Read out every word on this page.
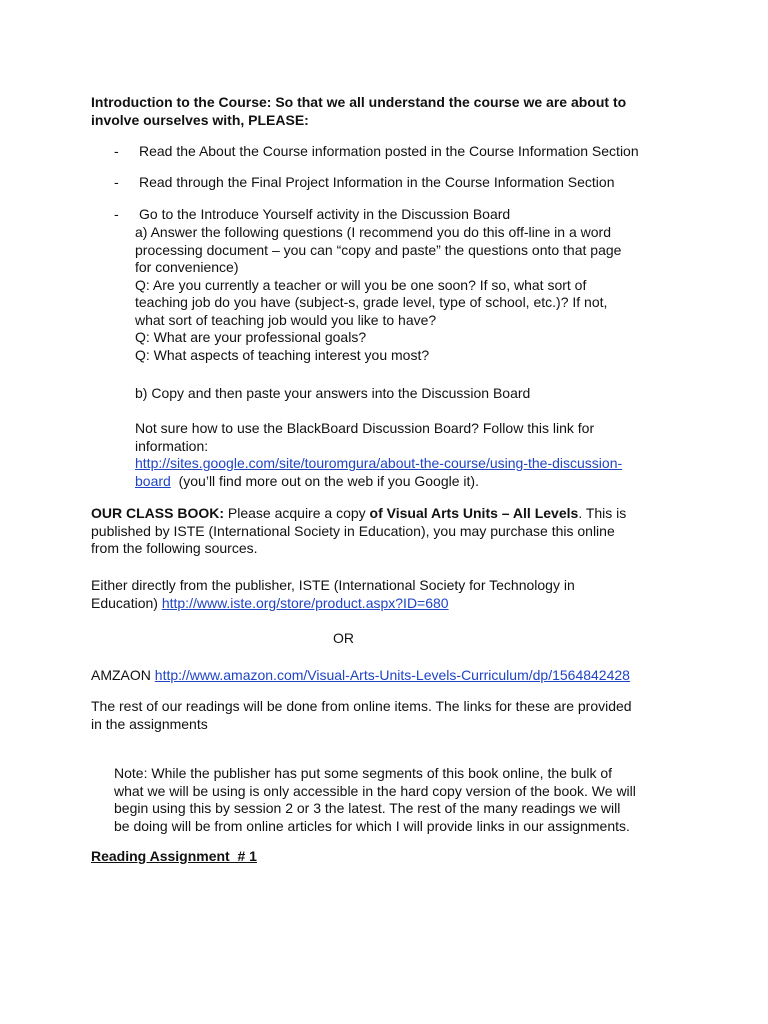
Introduction to the Course: So that we all understand the course we are about to
involve ourselves with, PLEASE:
- Read the About the Course information posted in the Course Information Section
- Read through the Final Project Information in the Course Information Section
- Go to the Introduce Yourself activity in the Discussion Board
a) Answer the following questions (I recommend you do this off-line in a word
processing document – you can “copy and paste” the questions onto that page
for convenience)
Q: Are you currently a teacher or will you be one soon? If so, what sort of
teaching job do you have (subject-s, grade level, type of school, etc.)? If not,
what sort of teaching job would you like to have?
Q: What are your professional goals?
Q: What aspects of teaching interest you most?
b) Copy and then paste your answers into the Discussion Board
Not sure how to use the BlackBoard Discussion Board? Follow this link for
information:
http://sites.google.com/site/touromgura/about-the-course/using-the-discussion-
board (you’ll find more out on the web if you Google it).
OUR CLASS BOOK: Please acquire a copy of Visual Arts Units – All Levels. This is
published by ISTE (International Society in Education), you may purchase this online
from the following sources.
Either directly from the publisher, ISTE (International Society for Technology in
Education) http://www.iste.org/store/product.aspx?ID=680
OR
AMZAON http://www.amazon.com/Visual-Arts-Units-Levels-Curriculum/dp/1564842428
The rest of our readings will be done from online items. The links for these are provided
in the assignments
Note: While the publisher has put some segments of this book online, the bulk of
what we will be using is only accessible in the hard copy version of the book. We will
begin using this by session 2 or 3 the latest. The rest of the many readings we will
be doing will be from online articles for which I will provide links in our assignments.
Reading Assignment  # 1
